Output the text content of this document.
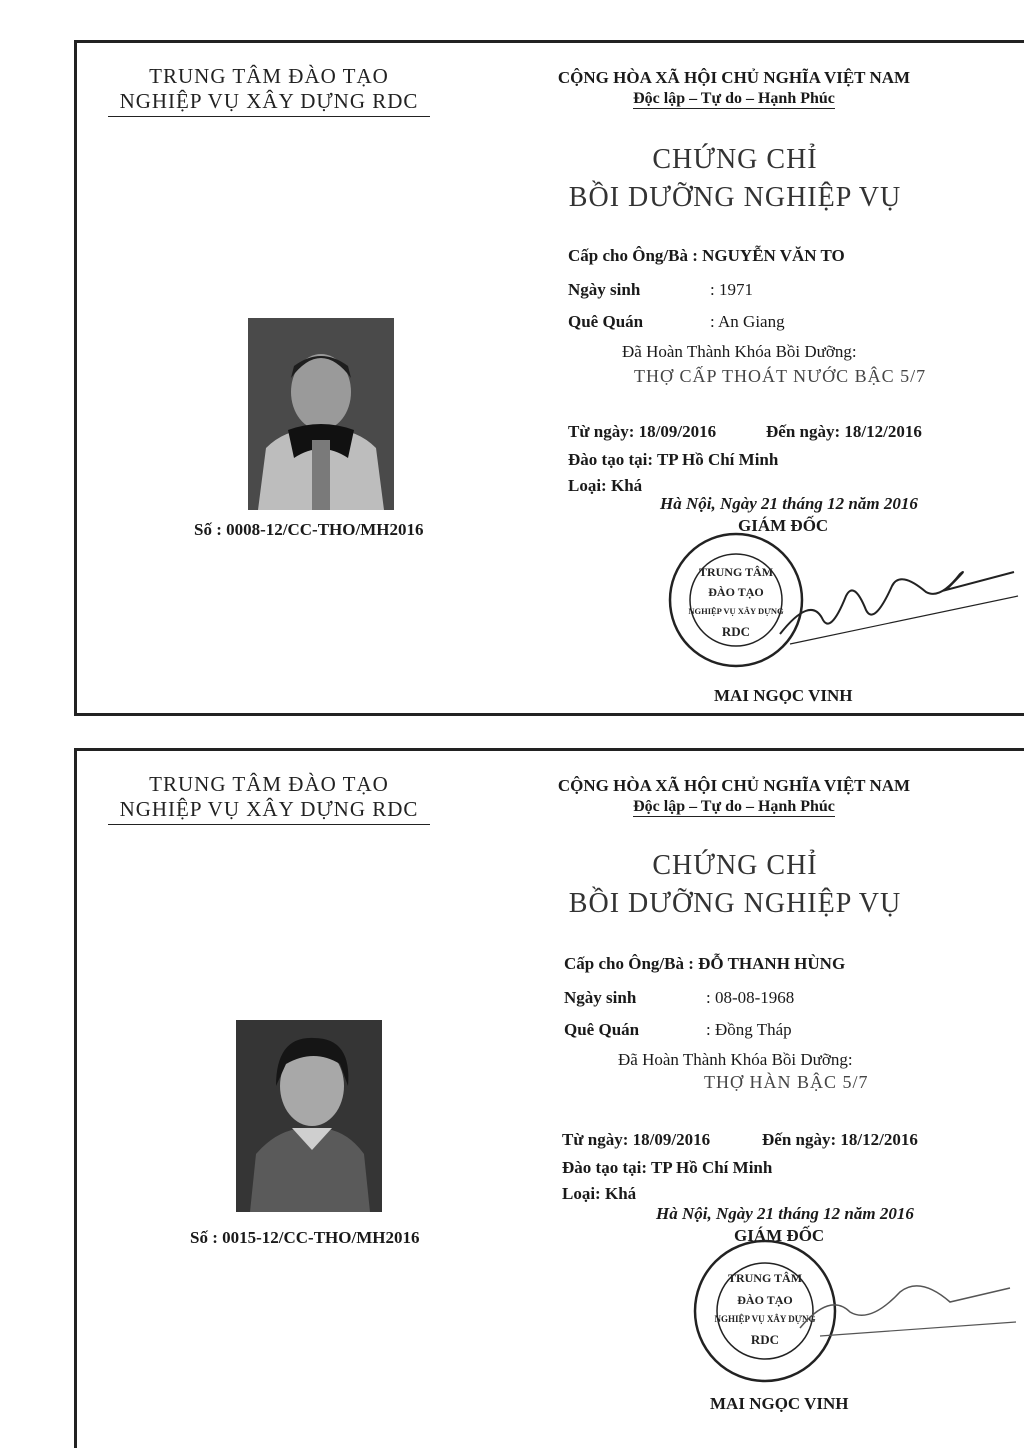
TRUNG TÂM ĐÀO TẠO
NGHIỆP VỤ XÂY DỰNG RDC
CỘNG HÒA XÃ HỘI CHỦ NGHĨA VIỆT NAM
Độc lập – Tự do – Hạnh Phúc
CHỨNG CHỈ
BỒI DƯỠNG NGHIỆP VỤ
Cấp cho Ông/Bà : NGUYỄN VĂN TO
Ngày sinh	: 1971
Quê Quán	: An Giang
Đã Hoàn Thành Khóa Bồi Dưỡng:
THỢ CẤP THOÁT NƯỚC BẬC 5/7
Từ ngày: 18/09/2016	Đến ngày: 18/12/2016
Đào tạo tại: TP Hồ Chí Minh
Loại: Khá
Hà Nội, Ngày 21 tháng 12 năm 2016
GIÁM ĐỐC
Số : 0008-12/CC-THO/MH2016
TRUNG TÂM
ĐÀO TẠO
NGHIỆP VỤ XÂY DỰNG
RDC
MAI NGỌC VINH
TRUNG TÂM ĐÀO TẠO
NGHIỆP VỤ XÂY DỰNG RDC
CỘNG HÒA XÃ HỘI CHỦ NGHĨA VIỆT NAM
Độc lập – Tự do – Hạnh Phúc
CHỨNG CHỈ
BỒI DƯỠNG NGHIỆP VỤ
Cấp cho Ông/Bà : ĐỖ THANH HÙNG
Ngày sinh	: 08-08-1968
Quê Quán	: Đồng Tháp
Đã Hoàn Thành Khóa Bồi Dưỡng:
THỢ HÀN BẬC 5/7
Từ ngày: 18/09/2016	Đến ngày: 18/12/2016
Đào tạo tại: TP Hồ Chí Minh
Loại: Khá
Hà Nội, Ngày 21 tháng 12 năm 2016
GIÁM ĐỐC
Số : 0015-12/CC-THO/MH2016
TRUNG TÂM
ĐÀO TẠO
NGHIỆP VỤ XÂY DỰNG
RDC
MAI NGỌC VINH
